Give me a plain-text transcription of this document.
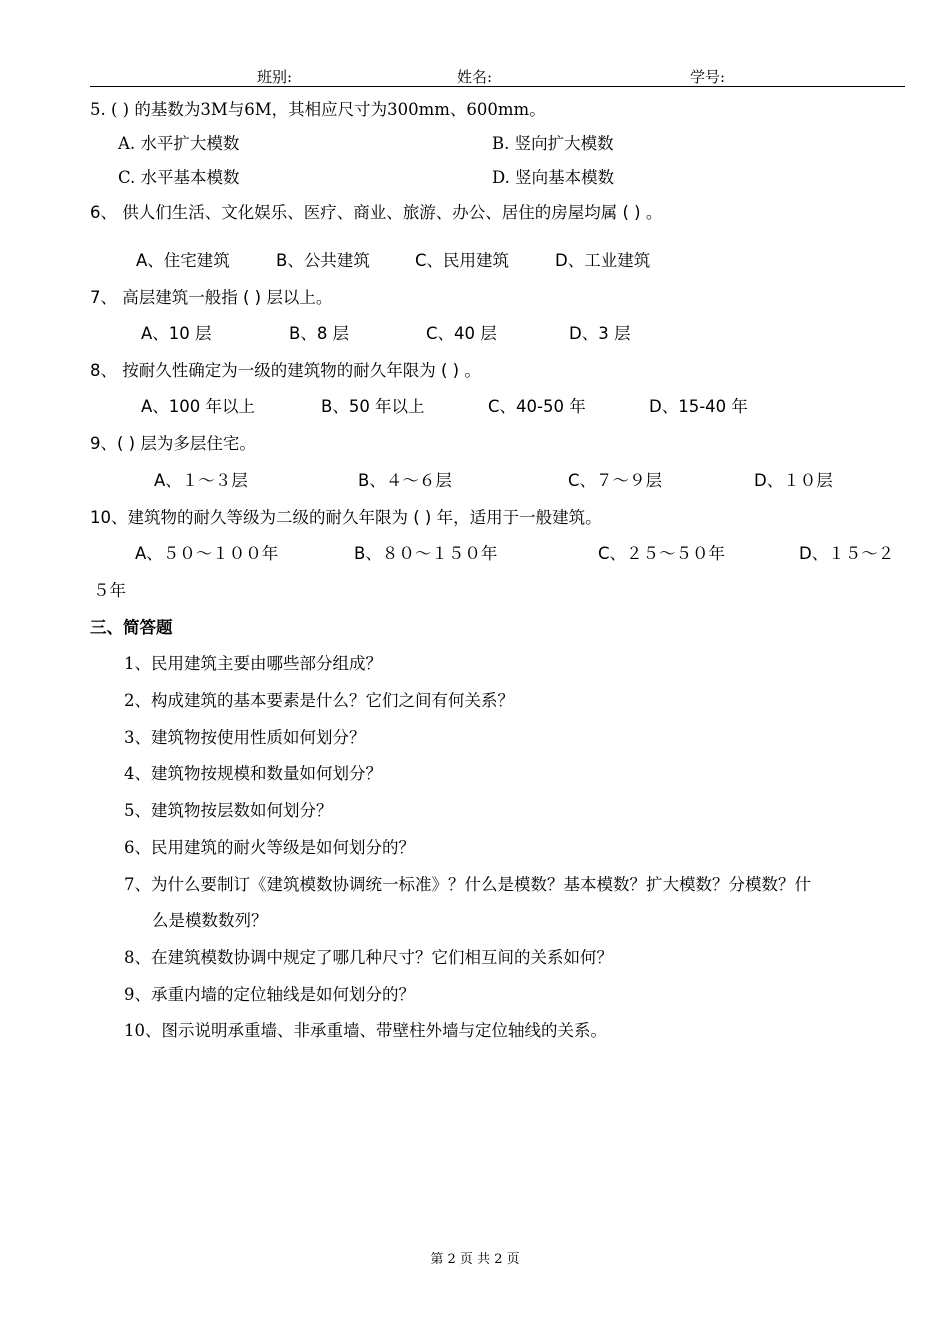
班别:	姓名:	学号:
5. ( ) 的基数为3M与6M，其相应尺寸为300mm、600mm。
A. 水平扩大模数	B. 竖向扩大模数
C. 水平基本模数	D. 竖向基本模数
6、 供人们生活、文化娱乐、医疗、商业、旅游、办公、居住的房屋均属 ( ) 。
A、住宅建筑	B、公共建筑	C、民用建筑	D、工业建筑
7、 高层建筑一般指 ( ) 层以上。
A、10 层	B、8 层	C、40 层	D、3 层
8、 按耐久性确定为一级的建筑物的耐久年限为 ( ) 。
A、100 年以上	B、50 年以上	C、40-50 年	D、15-40 年
9、( ) 层为多层住宅。
A、１～３层	B、４～６层	C、７～９层	D、１０层
10、建筑物的耐久等级为二级的耐久年限为 ( ) 年，适用于一般建筑。
A、５０～１００年	B、８０～１５０年	C、２５～５０年	D、１５～２
５年
三、简答题
1、民用建筑主要由哪些部分组成？
2、构成建筑的基本要素是什么？它们之间有何关系？
3、建筑物按使用性质如何划分？
4、建筑物按规模和数量如何划分？
5、建筑物按层数如何划分？
6、民用建筑的耐火等级是如何划分的？
7、为什么要制订《建筑模数协调统一标准》？什么是模数？基本模数？扩大模数？分模数？什
么是模数数列？
8、在建筑模数协调中规定了哪几种尺寸？它们相互间的关系如何？
9、承重内墙的定位轴线是如何划分的？
10、图示说明承重墙、非承重墙、带壁柱外墙与定位轴线的关系。
第 2 页 共 2 页
